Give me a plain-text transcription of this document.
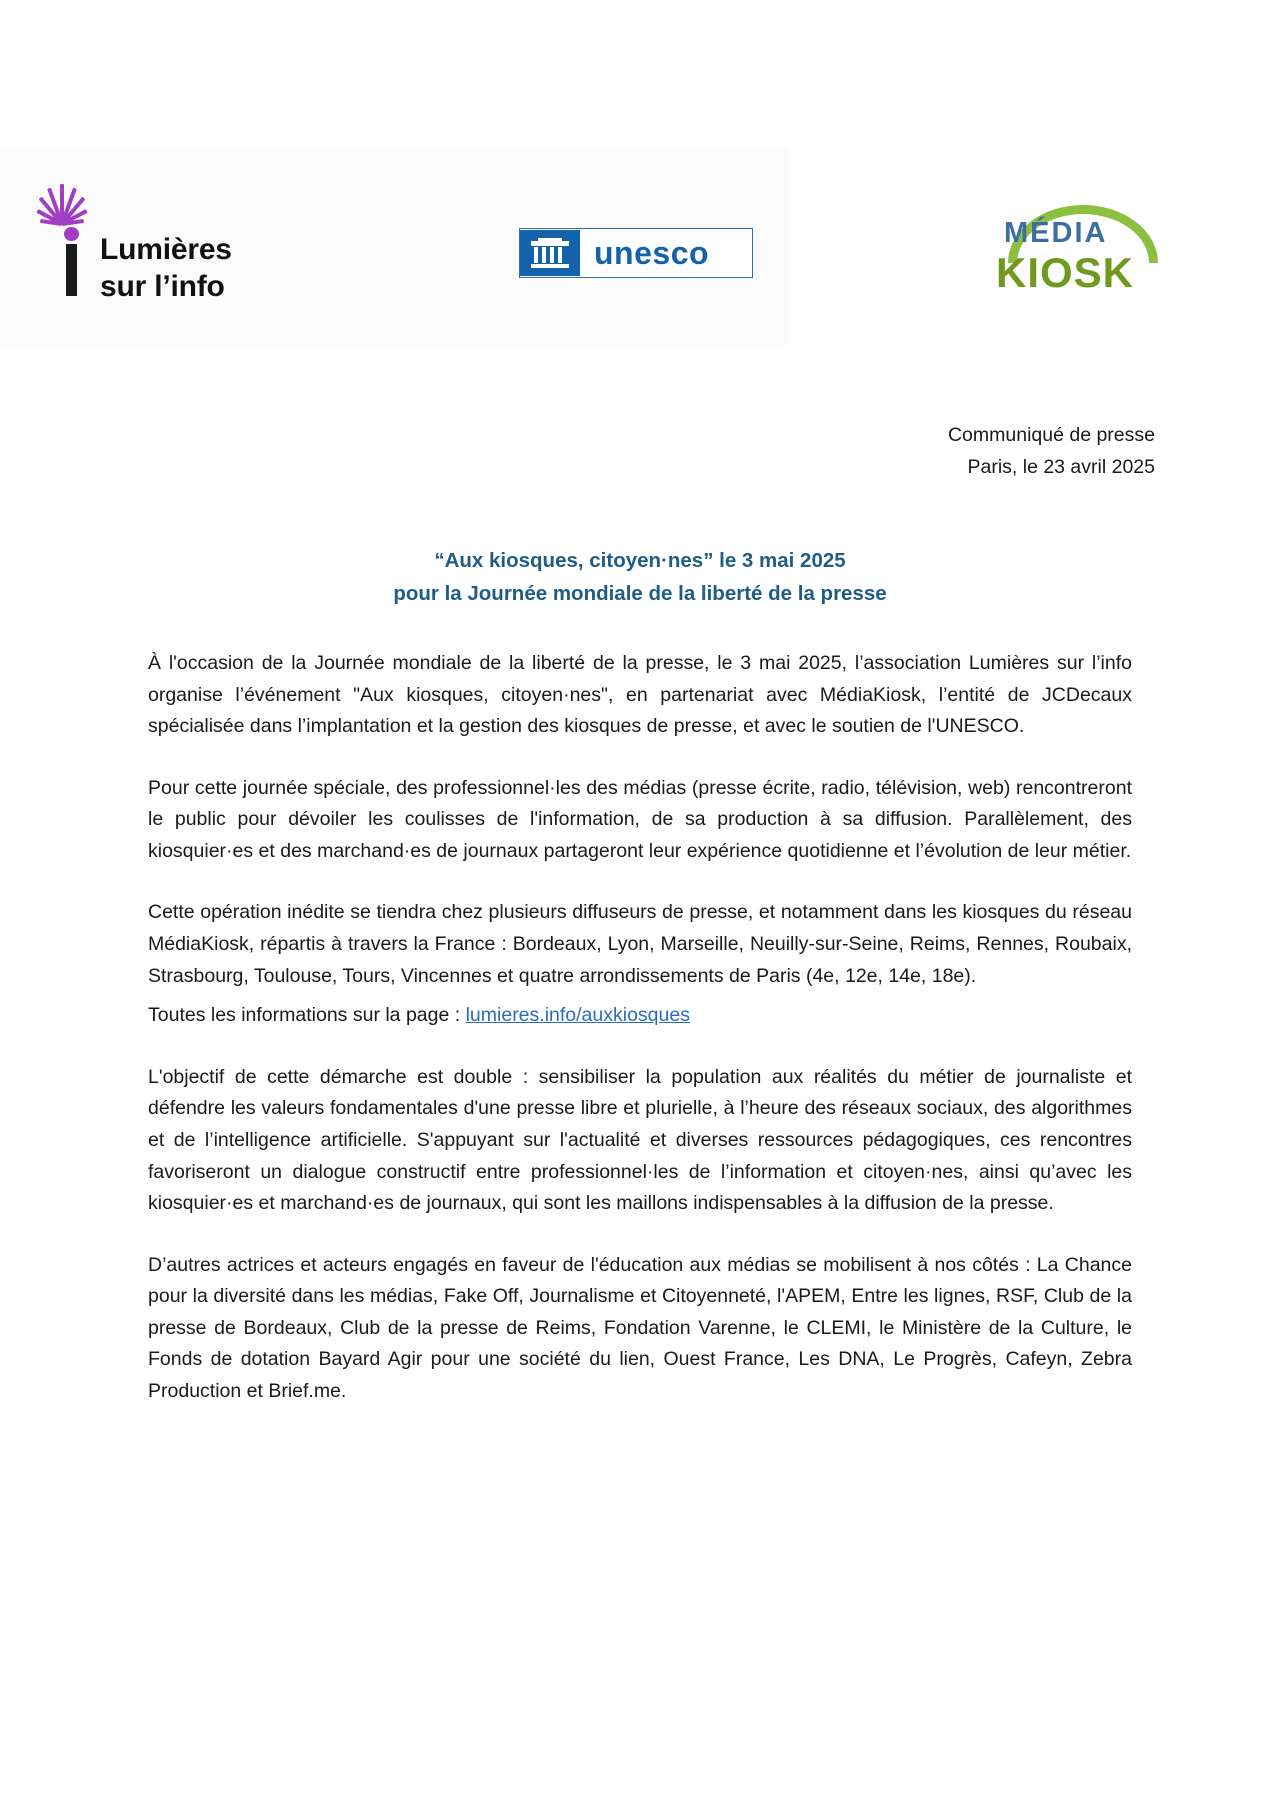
Lumières
sur l’info
unesco
MÉDIA
KIOSK
Communiqué de presse
Paris, le 23 avril 2025
“Aux kiosques, citoyen·nes” le 3 mai 2025
pour la Journée mondiale de la liberté de la presse

À l'occasion de la Journée mondiale de la liberté de la presse, le 3 mai 2025, l’association Lumières sur l’info organise l’événement "Aux kiosques, citoyen·nes", en partenariat avec MédiaKiosk, l’entité de JCDecaux spécialisée dans l’implantation et la gestion des kiosques de presse, et avec le soutien de l'UNESCO.

Pour cette journée spéciale, des professionnel·les des médias (presse écrite, radio, télévision, web) rencontreront le public pour dévoiler les coulisses de l'information, de sa production à sa diffusion. Parallèlement, des kiosquier·es et des marchand·es de journaux partageront leur expérience quotidienne et l’évolution de leur métier.

Cette opération inédite se tiendra chez plusieurs diffuseurs de presse, et notamment dans les kiosques du réseau MédiaKiosk, répartis à travers la France : Bordeaux, Lyon, Marseille, Neuilly-sur-Seine, Reims, Rennes, Roubaix, Strasbourg, Toulouse, Tours, Vincennes et quatre arrondissements de Paris (4e, 12e, 14e, 18e).

Toutes les informations sur la page : lumieres.info/auxkiosques

L'objectif de cette démarche est double : sensibiliser la population aux réalités du métier de journaliste et défendre les valeurs fondamentales d'une presse libre et plurielle, à l’heure des réseaux sociaux, des algorithmes et de l’intelligence artificielle. S'appuyant sur l'actualité et diverses ressources pédagogiques, ces rencontres favoriseront un dialogue constructif entre professionnel·les de l’information et citoyen·nes, ainsi qu’avec les kiosquier·es et marchand·es de journaux, qui sont les maillons indispensables à la diffusion de la presse.

D’autres actrices et acteurs engagés en faveur de l'éducation aux médias se mobilisent à nos côtés : La Chance pour la diversité dans les médias, Fake Off, Journalisme et Citoyenneté, l'APEM, Entre les lignes, RSF, Club de la presse de Bordeaux, Club de la presse de Reims, Fondation Varenne, le CLEMI, le Ministère de la Culture, le Fonds de dotation Bayard Agir pour une société du lien, Ouest France, Les DNA, Le Progrès, Cafeyn, Zebra Production et Brief.me.
